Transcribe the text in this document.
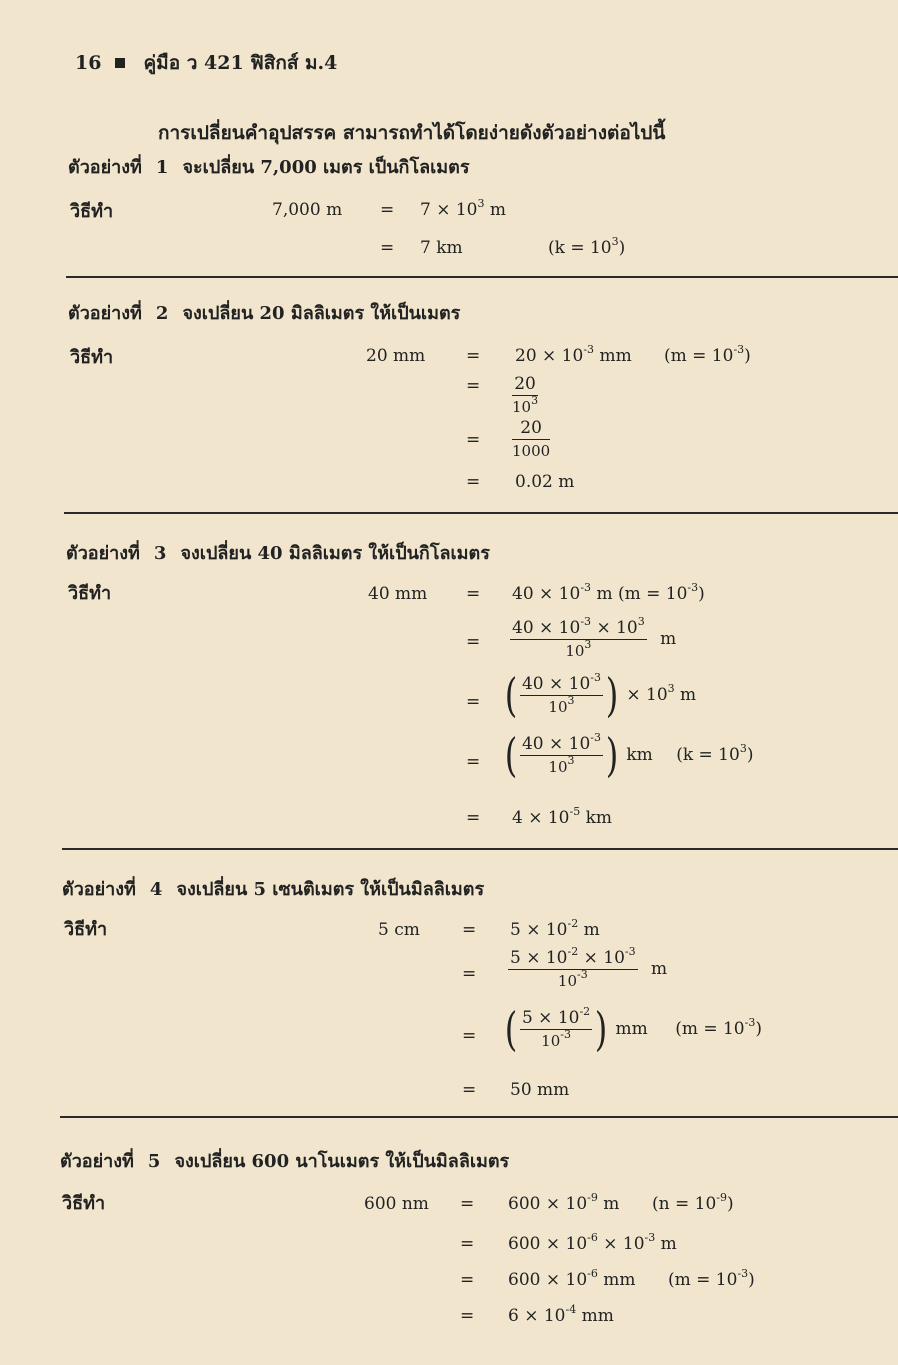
16 คู่มือ ว 421 ฟิสิกส์ ม.4
การเปลี่ยนคำอุปสรรค สามารถทำได้โดยง่ายดังตัวอย่างต่อไปนี้
ตัวอย่างที่ 1 จะเปลี่ยน 7,000 เมตร เป็นกิโลเมตร
วิธีทำ	7,000 $m = 7 \times 10^3$ m
= 7 km	$(k = 10^3)$
ตัวอย่างที่ 2 จงเปลี่ยน 20 มิลลิเมตร ให้เป็นเมตร
วิธีทำ	20 mm = $20 \times 10^{-3}$ mm $(m = 10^{-3})$
= $\frac{20}{10^3}$
= $\frac{20}{1000}$
= 0.02 m
ตัวอย่างที่ 3 จงเปลี่ยน 40 มิลลิเมตร ให้เป็นกิโลเมตร
วิธีทำ	40 mm = $40 \times 10^{-3}$ m $(m = 10^{-3})$
= $\frac{40 \times 10^{-3} \times 10^3}{10^3}$ m
= ( $\frac{40 \times 10^{-3}}{10^3}$ ) × $10^3$ m
= ( $\frac{40 \times 10^{-3}}{10^3}$ ) km $(k = 10^3)$
= $4 \times 10^{-5}$ km
ตัวอย่างที่ 4 จงเปลี่ยน 5 เซนติเมตร ให้เป็นมิลลิเมตร
วิธีทำ	5 cm = $5 \times 10^{-2}$ m
= $\frac{5 \times 10^{-2} \times 10^{-3}}{10^{-3}}$ m
= ( $\frac{5 \times 10^{-2}}{10^{-3}}$ ) mm $(m = 10^{-3})$
= 50 mm
ตัวอย่างที่ 5 จงเปลี่ยน 600 นาโนเมตร ให้เป็นมิลลิเมตร
วิธีทำ	600 nm = $600 \times 10^{-9}$ m $(n = 10^{-9})$
= $600 \times 10^{-6} \times 10^{-3}$ m
= $600 \times 10^{-6}$ mm $(m = 10^{-3})$
= $6 \times 10^{-4}$ mm
